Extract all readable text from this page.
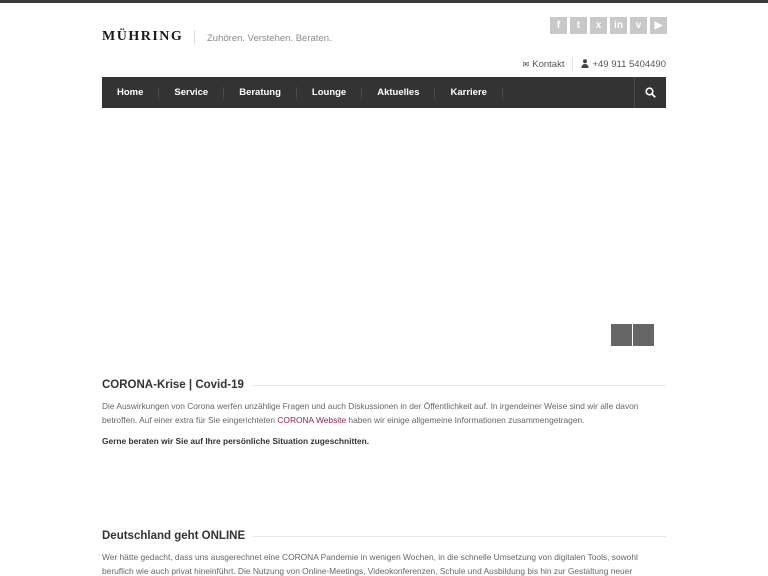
MÜHRING Zuhören. Verstehen. Beraten.
f	t	x	in	v	▶
✉ Kontakt	+49 911 5404490
Home	Service	Beratung	Lounge	Aktuelles	Karriere
CORONA-Krise | Covid-19

Die Auswirkungen von Corona werfen unzählige Fragen und auch Diskussionen in der Öffentlichkeit auf. In irgendeiner Weise sind wir alle davon betroffen. Auf einer extra für Sie eingerichteten CORONA Website haben wir einige allgemeine Informationen zusammengetragen.

Gerne beraten wir Sie auf Ihre persönliche Situation zugeschnitten.

Deutschland geht ONLINE

Wer hätte gedacht, dass uns ausgerechnet eine CORONA Pandemie in wenigen Wochen, in die schnelle Umsetzung von digitalen Tools, sowohl beruflich wie auch privat hineinführt. Die Nutzung von Online-Meetings, Videokonferenzen, Schule und Ausbildung bis hin zur Gestaltung neuer
